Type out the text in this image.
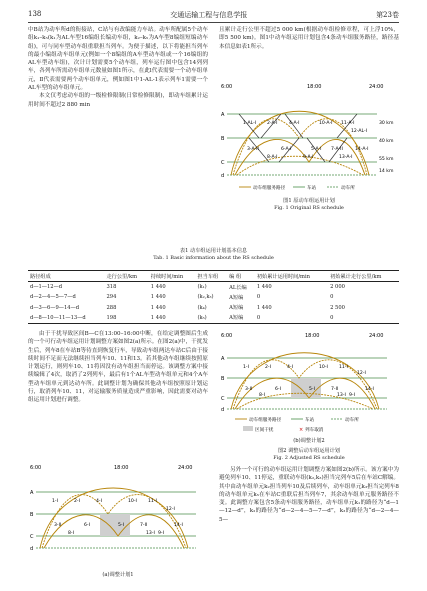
138	交通运输工程与信息学报	第23卷

中B站为动车所d的衔接站，C站与有改编能力车站。动车所配属5个动车组k₁–k₅(k₁为AL车型16编组长编动车组，k₂–k₅为A车型8编组短编动车组)，可与同车型动车组重联担当列车。为便于描述，以下将能担当列车的最小编组动车组单元(例如一个8编组的A车型动车组或一个16编组的AL车型动车组)，次计计划需要5个动车组，列车运行图中包含14列列车，各列车所需动车组单元数量如图1所示，在此l代表需要一个动车组单元，Ⅱ代表需要两个动车组单元，例如图1中1-AL-1表示列车1需要一个AL车型的动车组单元。

本文仅考虑动车组的一级检修限制(日常检修限制)，即动车组累计运用时间不超过2 880 min

且累计走行公里不超过5 000 km(根据动车组检修章程，可上浮10%，即5 500 km)。图1中动车组运用计划包含4条动车组服务路径，路径基本信息如表1所示。

6:00	18:00	24:00
A
B
C
d
30 km
40 km
55 km
14 km
1-AL-I 2-A-I
3-A-II
4-A-I
5-A-I
6-A-I	7-A-II
8-A-I	9-A-I
10-A-I 11-A-I
12-AL-I
13-A-I
14-A-I
动车组服务路径	车站	动车所
图1 原动车组运用计划
Fig. 1 Original RS schedule
表1 动车组运用计划基本信息
Tab. 1 Basic information about the RS schedule
路径组成	走行公里/km	持续时间/min	担当车组	编 组	初始累计运用时间/min	初始累计走行公里/km
d—1—12—d	318	1 440	(k₁)	AL长编	1 440	2 000
d—2—4—5—7—d	294	1 440	(k₂,k₃)	A短编	0	0
d—3—6—9—14—d	288	1 440	(k₄)	A短编	1 440	2 500
d—8—10—11—13—d	198	1 440	(k₅)	A短编	0	0

由于干扰导致区间B—C在13:00–16:00中断，在给定调整图后生成的一个可行动车组运用计划调整方案如图2(a)所示。在图2(a)中，干扰发生后，列车8在车站B等待直到恢复行车，导致动车组两达车站C后由于接续时间不足而无法继续担当列车10、11和13。若其他动车组继续按照原计划运行，则列车10、11将因没有动车组担当而停运。该调整方案中接续编辑了4次，取消了2列列车，最后有1个AL车型动车组单元和4个A车型动车组单元到达动车所。此调整计划为确保其他动车组按照原计划运行，取消列车10、11，对运输服务质量造成严重影响，因此需要对动车组运用计划进行调整。

6:00	18:00	24:00
A
B
C
d
1-I	2-I
3-II
4-I
5-I
6-I	7-II
8-I	9-I
10-I 11-I
12-I
13-I
14-I
(a)调整计划1
6:00	18:00	24:00
A
B
C
d
1-I	2-I
3-II
4-I
5-I
6-I	7-II
8-I	9-I
10-I 11-I
12-I
13-I
14-I
动车组服务路径	车站	动车所
区间干扰	× 列车取消
(b)调整计划2
图2 调整后动车组运用计划
Fig. 2 Adjusted RS schedule

另外一个可行的动车组运用计划调整方案如图2(b)所示。该方案中为避免列车10、11停运，重联动车组(k₂,k₃)担当完列车5后在车站C解编。其中由动车组单元k₂担当列车10及后续列车，动车组单元k₃担当完列车8的动车组单元k₅在车站C重联后担当列车7，其余动车组单元服务路径不变。此调整方案包含5条动车组服务路径，动车组单元k₁的路径为“d—1—12—d”，k₂的路径为“d—2—4—5—7—d”，k₃的路径为“d—2—4—5—
